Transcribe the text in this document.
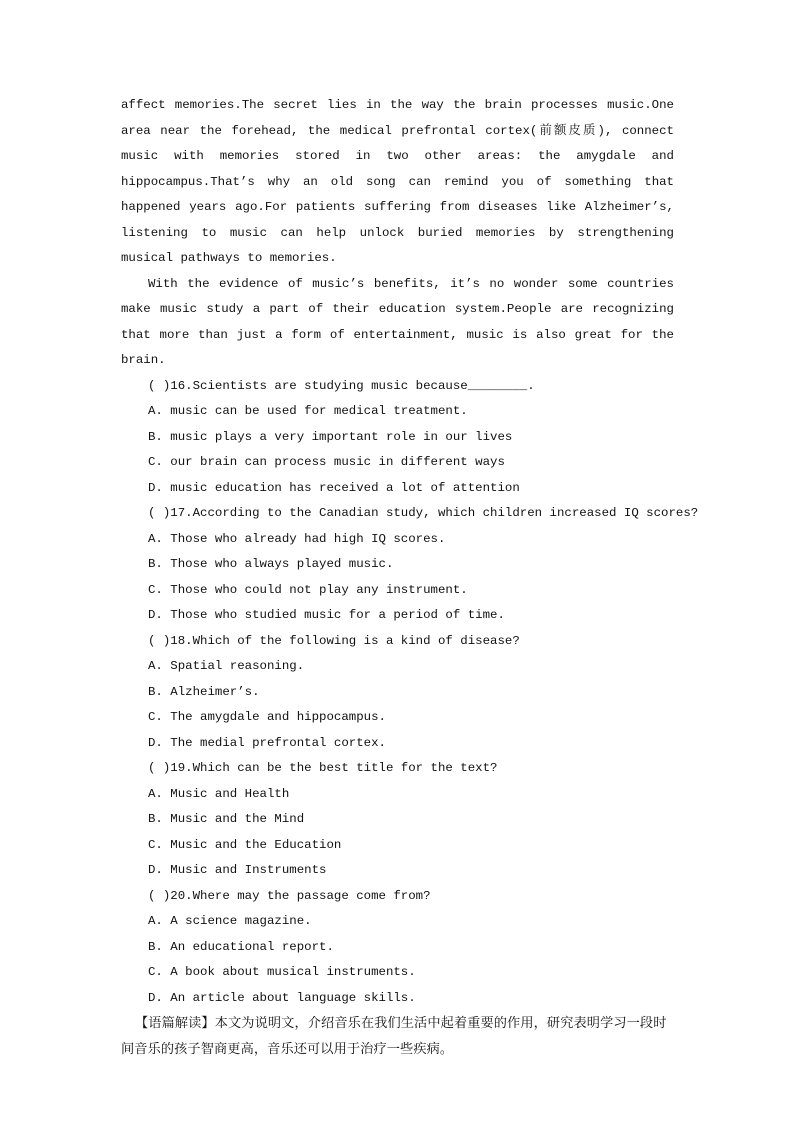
affect memories.The secret lies in the way the brain processes music.One area near the forehead, the medical prefrontal cortex(前额皮质), connect music with memories stored in two other areas: the amygdale and hippocampus.That’s why an old song can remind you of something that happened years ago.For patients suffering from diseases like Alzheimer’s, listening to music can help unlock buried memories by strengthening musical pathways to memories.

With the evidence of music’s benefits, it’s no wonder some countries make music study a part of their education system.People are recognizing that more than just a form of entertainment, music is also great for the brain.

( )16.Scientists are studying music because________.

A. music can be used for medical treatment.

B. music plays a very important role in our lives

C. our brain can process music in different ways

D. music education has received a lot of attention

( )17.According to the Canadian study, which children increased IQ scores?

A. Those who already had high IQ scores.

B. Those who always played music.

C. Those who could not play any instrument.

D. Those who studied music for a period of time.

( )18.Which of the following is a kind of disease?

A. Spatial reasoning.

B. Alzheimer’s.

C. The amygdale and hippocampus.

D. The medial prefrontal cortex.

( )19.Which can be the best title for the text?

A. Music and Health

B. Music and the Mind

C. Music and the Education

D. Music and Instruments

( )20.Where may the passage come from?

A. A science magazine.

B. An educational report.

C. A book about musical instruments.

D. An article about language skills.

【语篇解读】本文为说明文，介绍音乐在我们生活中起着重要的作用，研究表明学习一段时间音乐的孩子智商更高，音乐还可以用于治疗一些疾病。
